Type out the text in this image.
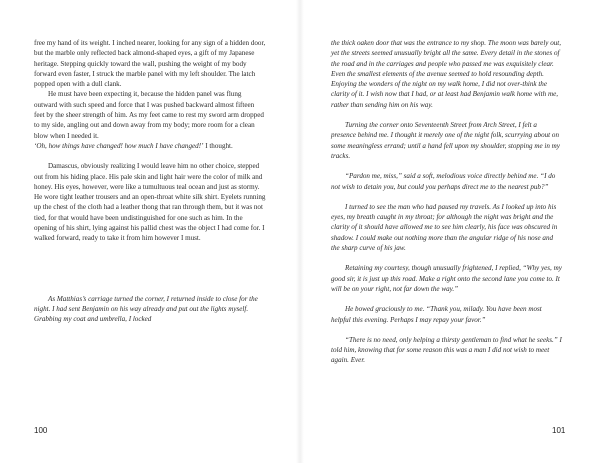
free my hand of its weight. I inched nearer, looking for any sign of a hidden door, but the marble only reflected back almond-shaped eyes, a gift of my Japanese heritage. Stepping quickly toward the wall, pushing the weight of my body forward even faster, I struck the marble panel with my left shoulder. The latch popped open with a dull clank.

He must have been expecting it, because the hidden panel was flung outward with such speed and force that I was pushed backward almost fifteen feet by the sheer strength of him. As my feet came to rest my sword arm dropped to my side, angling out and down away from my body; more room for a clean blow when I needed it.

‘Oh, how things have changed! how much I have changed!’ I thought.

Damascus, obviously realizing I would leave him no other choice, stepped out from his hiding place. His pale skin and light hair were the color of milk and honey. His eyes, however, were like a tumultuous teal ocean and just as stormy. He wore tight leather trousers and an open-throat white silk shirt. Eyelets running up the chest of the cloth had a leather thong that ran through them, but it was not tied, for that would have been undistinguished for one such as him. In the opening of his shirt, lying against his pallid chest was the object I had come for. I walked forward, ready to take it from him however I must.

As Matthias’s carriage turned the corner, I returned inside to close for the night. I had sent Benjamin on his way already and put out the lights myself. Grabbing my coat and umbrella, I locked

100

the thick oaken door that was the entrance to my shop. The moon was barely out, yet the streets seemed unusually bright all the same. Every detail in the stones of the road and in the carriages and people who passed me was exquisitely clear. Even the smallest elements of the avenue seemed to hold resounding depth. Enjoying the wonders of the night on my walk home, I did not over-think the clarity of it. I wish now that I had, or at least had Benjamin walk home with me, rather than sending him on his way.

Turning the corner onto Seventeenth Street from Arch Street, I felt a presence behind me. I thought it merely one of the night folk, scurrying about on some meaningless errand; until a hand fell upon my shoulder, stopping me in my tracks.

“Pardon me, miss,” said a soft, melodious voice directly behind me. “I do not wish to detain you, but could you perhaps direct me to the nearest pub?”

I turned to see the man who had paused my travels. As I looked up into his eyes, my breath caught in my throat; for although the night was bright and the clarity of it should have allowed me to see him clearly, his face was obscured in shadow. I could make out nothing more than the angular ridge of his nose and the sharp curve of his jaw.

Retaining my courtesy, though unusually frightened, I replied, “Why yes, my good sir, it is just up this road. Make a right onto the second lane you come to. It will be on your right, not far down the way.”

He bowed graciously to me. “Thank you, milady. You have been most helpful this evening. Perhaps I may repay your favor.”

“There is no need, only helping a thirsty gentleman to find what he seeks.” I told him, knowing that for some reason this was a man I did not wish to meet again. Ever.

101
